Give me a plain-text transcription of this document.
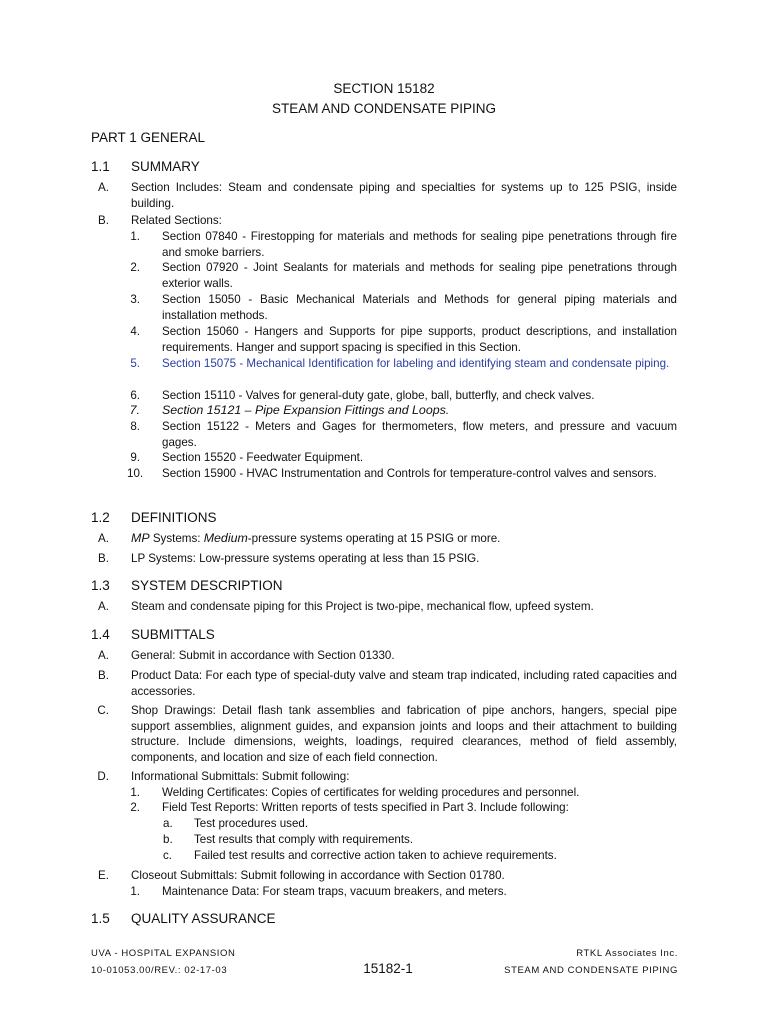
SECTION 15182
STEAM AND CONDENSATE PIPING
PART 1 GENERAL
1.1 SUMMARY
A. Section Includes: Steam and condensate piping and specialties for systems up to 125 PSIG, inside building.
B. Related Sections:
1. Section 07840 - Firestopping for materials and methods for sealing pipe penetrations through fire and smoke barriers.
2. Section 07920 - Joint Sealants for materials and methods for sealing pipe penetrations through exterior walls.
3. Section 15050 - Basic Mechanical Materials and Methods for general piping materials and installation methods.
4. Section 15060 - Hangers and Supports for pipe supports, product descriptions, and installation requirements. Hanger and support spacing is specified in this Section.
5. Section 15075 - Mechanical Identification for labeling and identifying steam and condensate piping.
6. Section 15110 - Valves for general-duty gate, globe, ball, butterfly, and check valves.
7. Section 15121 – Pipe Expansion Fittings and Loops.
8. Section 15122 - Meters and Gages for thermometers, flow meters, and pressure and vacuum gages.
9. Section 15520 - Feedwater Equipment.
10. Section 15900 - HVAC Instrumentation and Controls for temperature-control valves and sensors.
1.2 DEFINITIONS
A. MP Systems: Medium-pressure systems operating at 15 PSIG or more.
B. LP Systems: Low-pressure systems operating at less than 15 PSIG.
1.3 SYSTEM DESCRIPTION
A. Steam and condensate piping for this Project is two-pipe, mechanical flow, upfeed system.
1.4 SUBMITTALS
A. General: Submit in accordance with Section 01330.
B. Product Data: For each type of special-duty valve and steam trap indicated, including rated capacities and accessories.
C. Shop Drawings: Detail flash tank assemblies and fabrication of pipe anchors, hangers, special pipe support assemblies, alignment guides, and expansion joints and loops and their attachment to building structure. Include dimensions, weights, loadings, required clearances, method of field assembly, components, and location and size of each field connection.
D. Informational Submittals: Submit following:
1. Welding Certificates: Copies of certificates for welding procedures and personnel.
2. Field Test Reports: Written reports of tests specified in Part 3. Include following:
a. Test procedures used.
b. Test results that comply with requirements.
c. Failed test results and corrective action taken to achieve requirements.
E. Closeout Submittals: Submit following in accordance with Section 01780.
1. Maintenance Data: For steam traps, vacuum breakers, and meters.
1.5 QUALITY ASSURANCE
UVA - HOSPITAL EXPANSION
10-01053.00/REV.: 02-17-03	15182-1
RTKL Associates Inc.
STEAM AND CONDENSATE PIPING
